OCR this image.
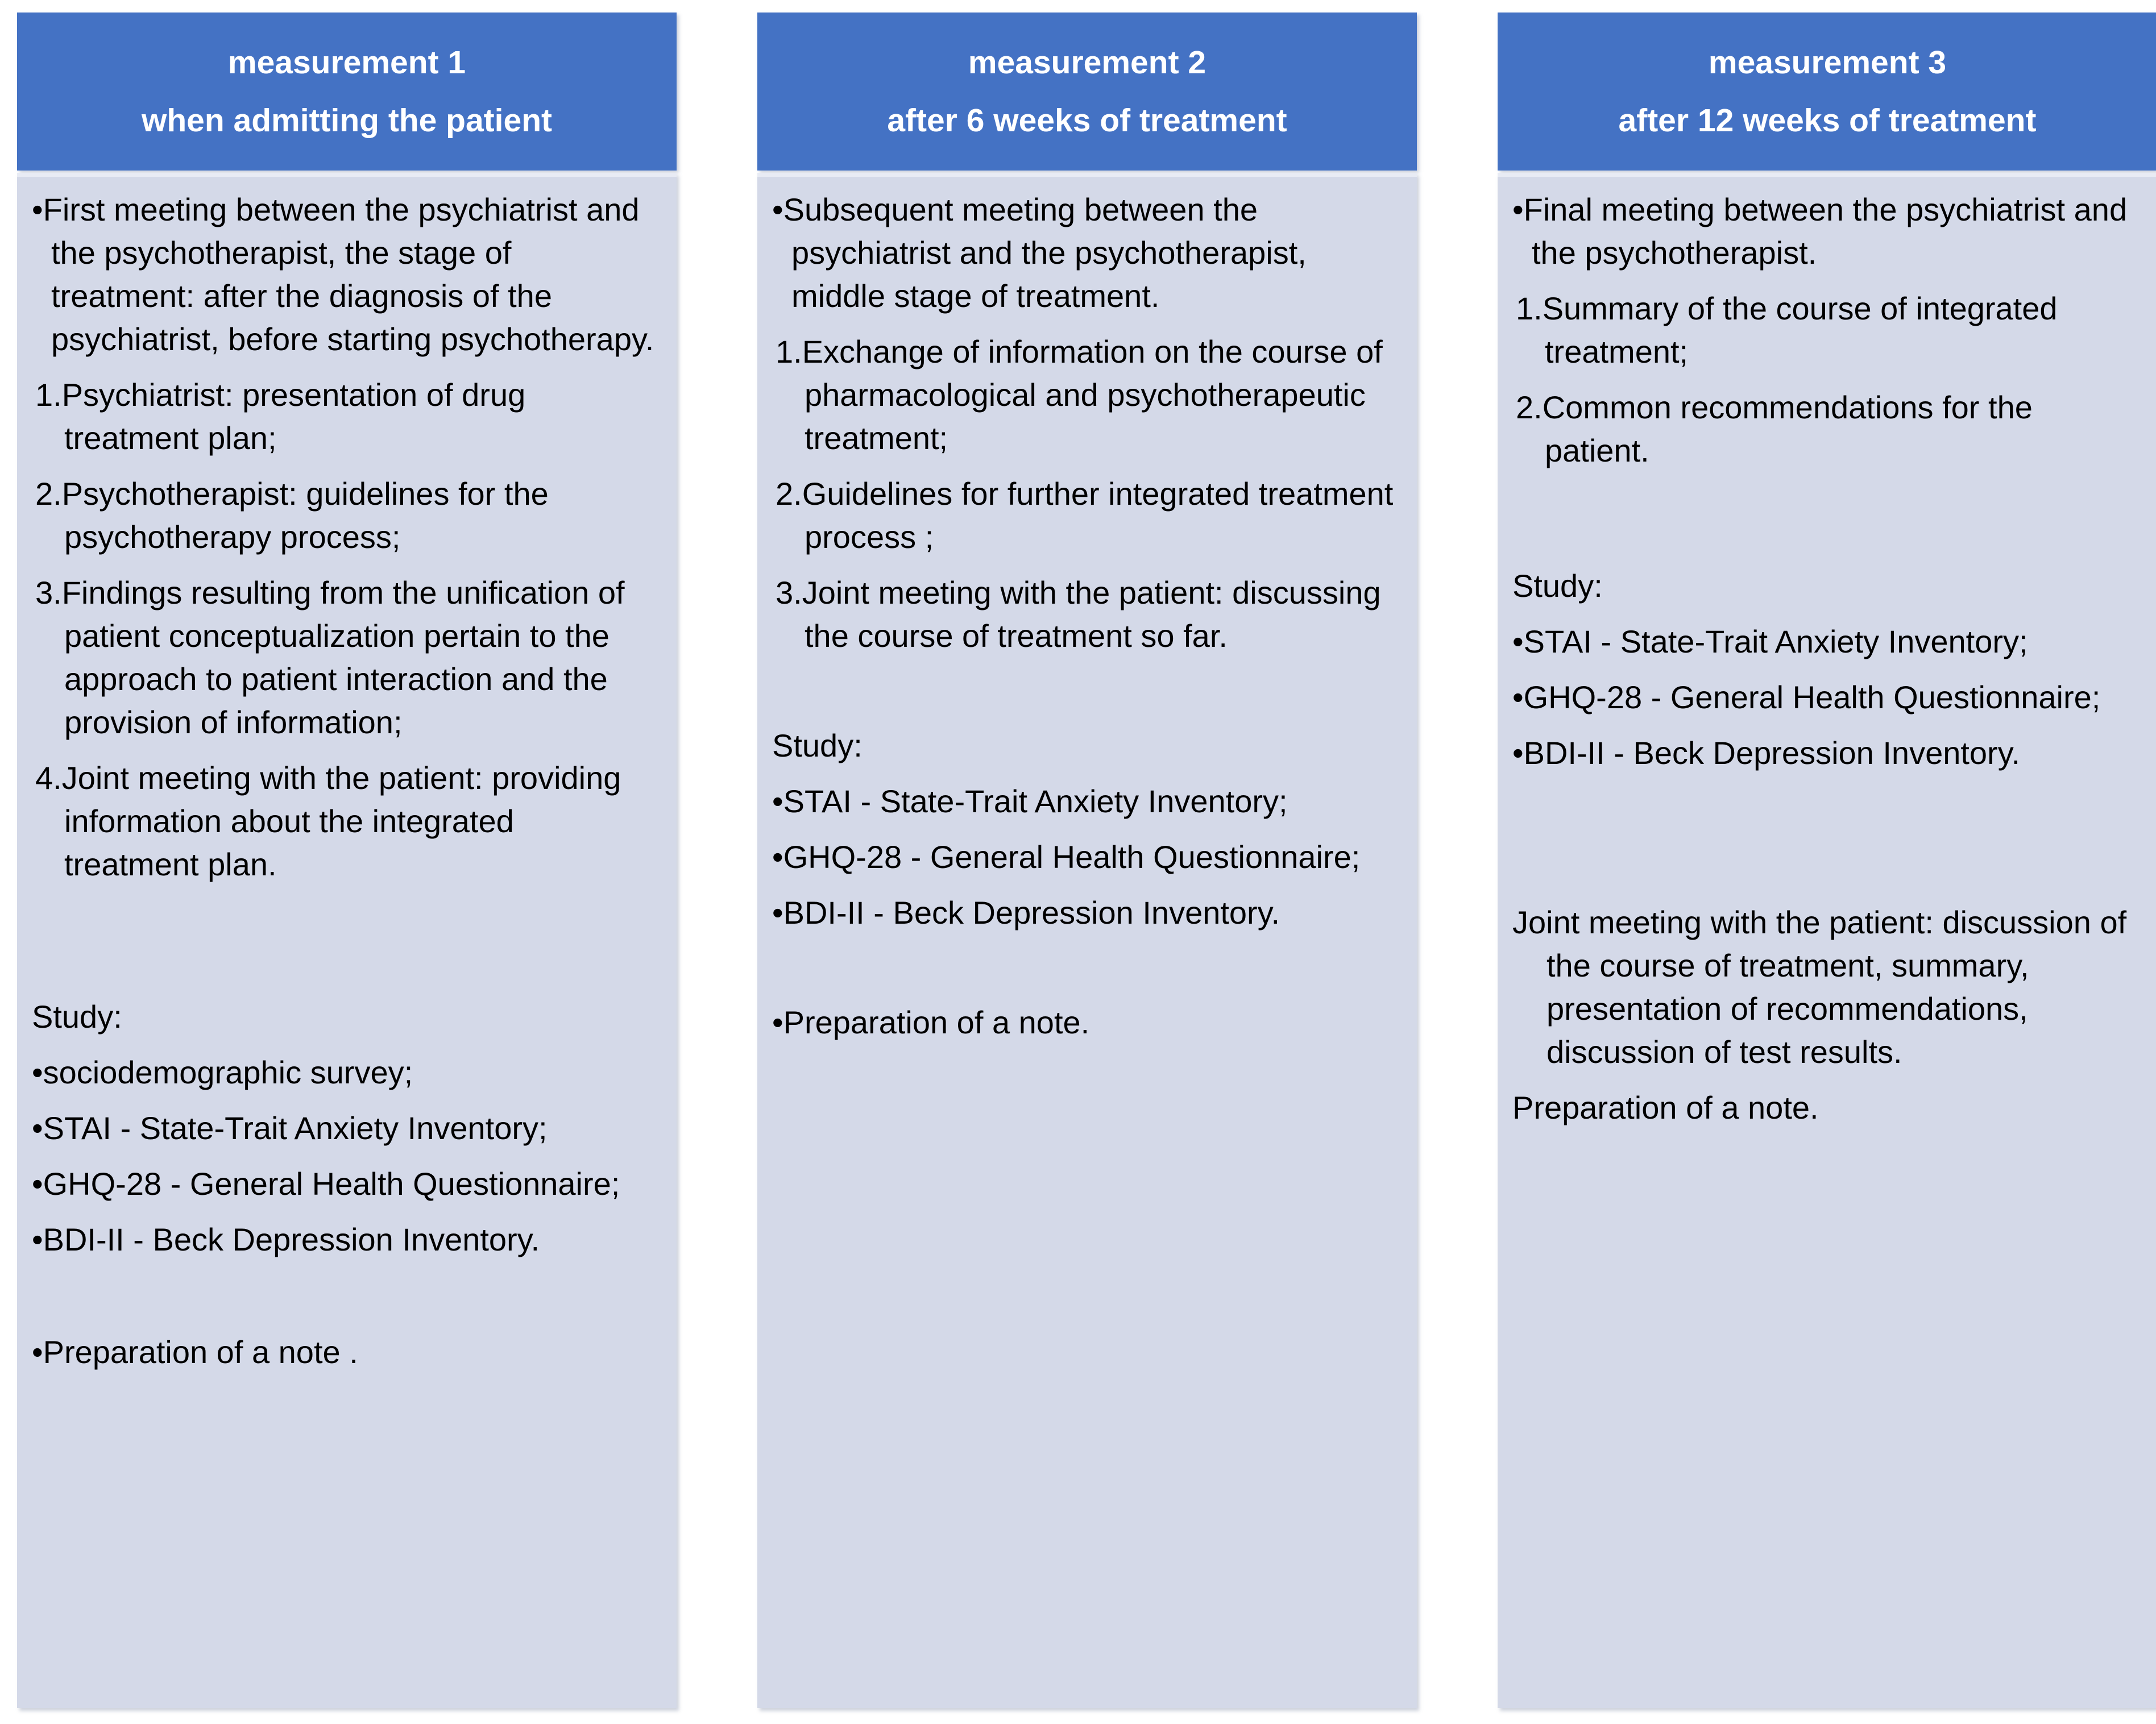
measurement 1
when admitting the patient

•First meeting between the psychiatrist and the psychotherapist, the stage of treatment: after the diagnosis of the psychiatrist, before starting psychotherapy.

1.Psychiatrist: presentation of drug treatment plan;

2.Psychotherapist: guidelines for the psychotherapy process;

3.Findings resulting from the unification of patient conceptualization pertain to the approach to patient interaction and the provision of information;

4.Joint meeting with the patient: providing information about the integrated treatment plan.

Study:

•sociodemographic survey;

•STAI - State-Trait Anxiety Inventory;

•GHQ-28 - General Health Questionnaire;

•BDI-II - Beck Depression Inventory.

•Preparation of a note .

measurement 2
after 6 weeks of treatment

•Subsequent meeting between the psychiatrist and the psychotherapist, middle stage of treatment.

1.Exchange of information on the course of pharmacological and psychotherapeutic treatment;

2.Guidelines for further integrated treatment process ;

3.Joint meeting with the patient: discussing the course of treatment so far.

Study:

•STAI - State-Trait Anxiety Inventory;

•GHQ-28 - General Health Questionnaire;

•BDI-II - Beck Depression Inventory.

•Preparation of a note.

measurement 3
after 12 weeks of treatment

•Final meeting between the psychiatrist and the psychotherapist.

1.Summary of the course of integrated treatment;

2.Common recommendations for the patient.

Study:

•STAI - State-Trait Anxiety Inventory;

•GHQ-28 - General Health Questionnaire;

•BDI-II - Beck Depression Inventory.

Joint meeting with the patient: discussion of the course of treatment, summary, presentation of recommendations, discussion of test results.

Preparation of a note.
